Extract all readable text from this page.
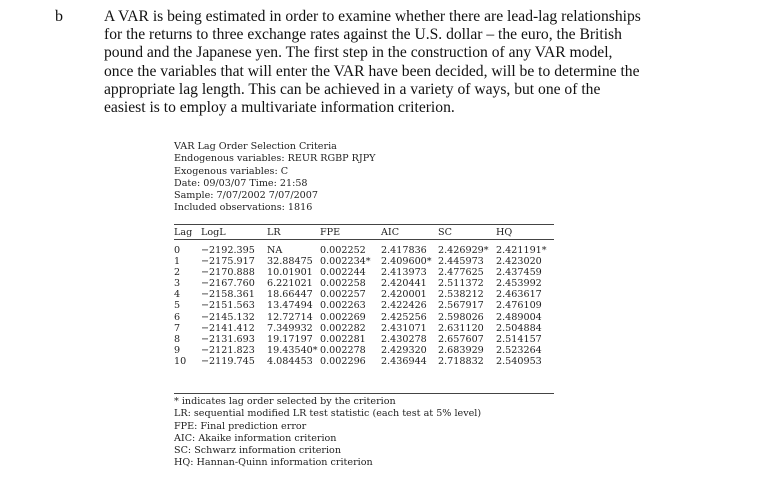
b	A VAR is being estimated in order to examine whether there are lead-lag relationships
for the returns to three exchange rates against the U.S. dollar – the euro, the British
pound and the Japanese yen. The first step in the construction of any VAR model,
once the variables that will enter the VAR have been decided, will be to determine the
appropriate lag length. This can be achieved in a variety of ways, but one of the
easiest is to employ a multivariate information criterion.
VAR Lag Order Selection Criteria
Endogenous variables: REUR RGBP RJPY
Exogenous variables: C
Date: 09/03/07 Time: 21:58
Sample: 7/07/2002 7/07/2007
Included observations: 1816
Lag	LogL	LR	FPE	AIC	SC	HQ
0	−2192.395	NA	0.002252	2.417836	2.426929*	2.421191*
1	−2175.917	32.88475	0.002234*	2.409600*	2.445973	2.423020
2	−2170.888	10.01901	0.002244	2.413973	2.477625	2.437459
3	−2167.760	6.221021	0.002258	2.420441	2.511372	2.453992
4	−2158.361	18.66447	0.002257	2.420001	2.538212	2.463617
5	−2151.563	13.47494	0.002263	2.422426	2.567917	2.476109
6	−2145.132	12.72714	0.002269	2.425256	2.598026	2.489004
7	−2141.412	7.349932	0.002282	2.431071	2.631120	2.504884
8	−2131.693	19.17197	0.002281	2.430278	2.657607	2.514157
9	−2121.823	19.43540*	0.002278	2.429320	2.683929	2.523264
10	−2119.745	4.084453	0.002296	2.436944	2.718832	2.540953
* indicates lag order selected by the criterion
LR: sequential modified LR test statistic (each test at 5% level)
FPE: Final prediction error
AIC: Akaike information criterion
SC: Schwarz information criterion
HQ: Hannan-Quinn information criterion
